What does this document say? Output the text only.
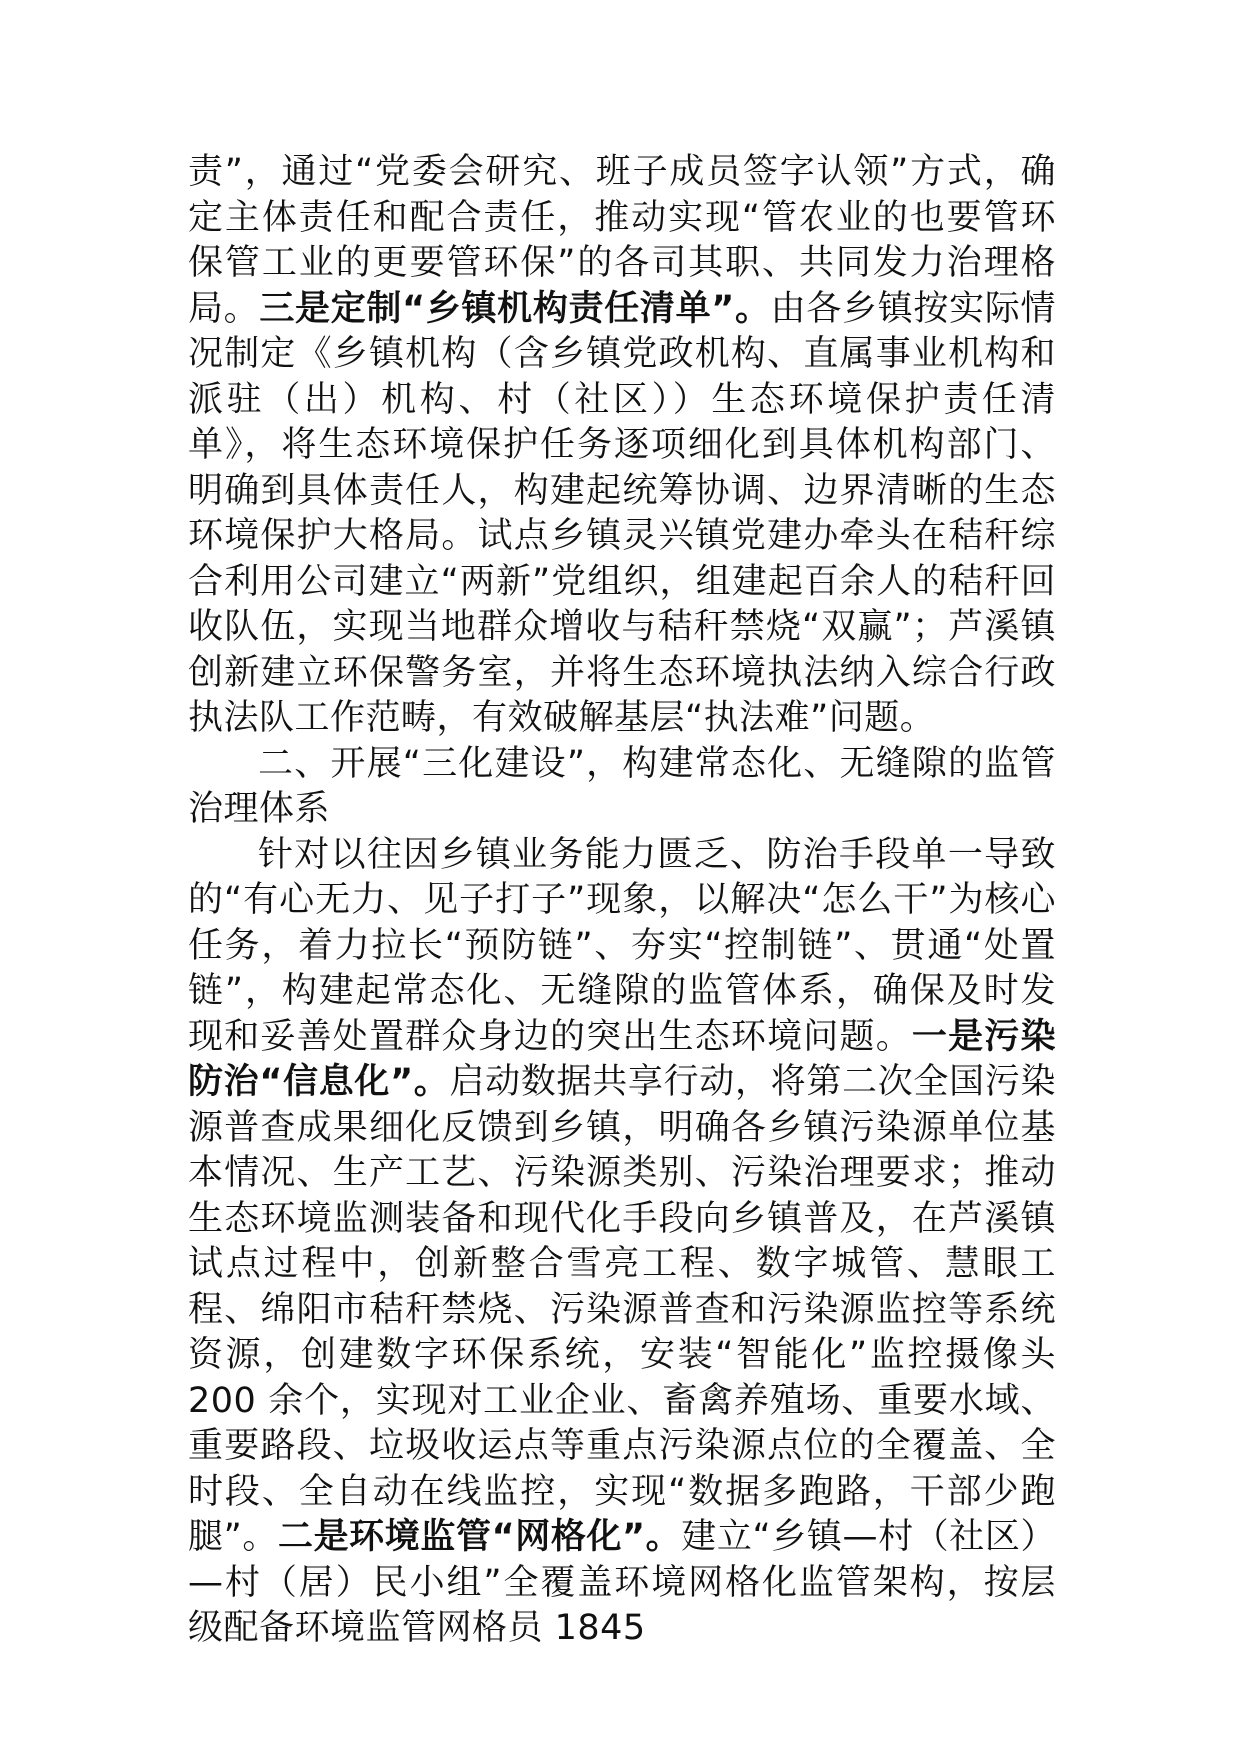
责”，通过“党委会研究、班子成员签字认领”方式，确定主体责任和配合责任，推动实现“管农业的也要管环保管工业的更要管环保”的各司其职、共同发力治理格局。三是定制“乡镇机构责任清单”。由各乡镇按实际情况制定《乡镇机构（含乡镇党政机构、直属事业机构和派驻（出）机构、村（社区））生态环境保护责任清单》，将生态环境保护任务逐项细化到具体机构部门、明确到具体责任人，构建起统筹协调、边界清晰的生态环境保护大格局。试点乡镇灵兴镇党建办牵头在秸秆综合利用公司建立“两新”党组织，组建起百余人的秸秆回收队伍，实现当地群众增收与秸秆禁烧“双赢”；芦溪镇创新建立环保警务室，并将生态环境执法纳入综合行政执法队工作范畴，有效破解基层“执法难”问题。

二、开展“三化建设”，构建常态化、无缝隙的监管治理体系

针对以往因乡镇业务能力匮乏、防治手段单一导致的“有心无力、见子打子”现象，以解决“怎么干”为核心任务，着力拉长“预防链”、夯实“控制链”、贯通“处置链”，构建起常态化、无缝隙的监管体系，确保及时发现和妥善处置群众身边的突出生态环境问题。一是污染防治“信息化”。启动数据共享行动，将第二次全国污染源普查成果细化反馈到乡镇，明确各乡镇污染源单位基本情况、生产工艺、污染源类别、污染治理要求；推动生态环境监测装备和现代化手段向乡镇普及，在芦溪镇试点过程中，创新整合雪亮工程、数字城管、慧眼工程、绵阳市秸秆禁烧、污染源普查和污染源监控等系统资源，创建数字环保系统，安装“智能化”监控摄像头 200 余个，实现对工业企业、畜禽养殖场、重要水域、重要路段、垃圾收运点等重点污染源点位的全覆盖、全时段、全自动在线监控，实现“数据多跑路，干部少跑腿”。二是环境监管“网格化”。建立“乡镇—村（社区）—村（居）民小组”全覆盖环境网格化监管架构，按层级配备环境监管网格员 1845
